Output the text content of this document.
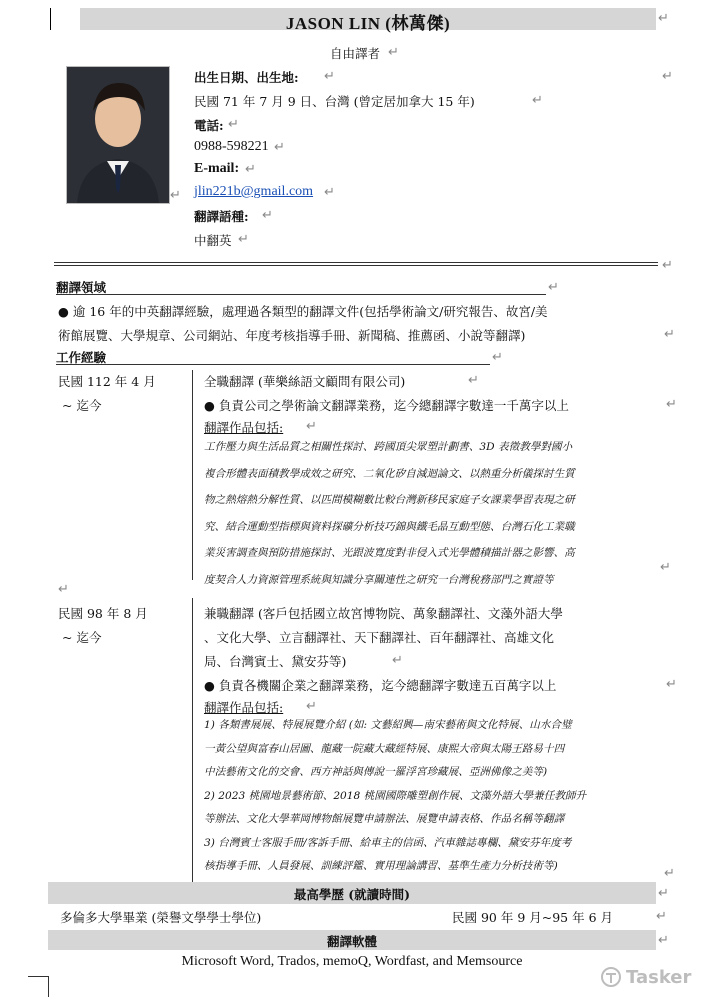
JASON LIN (林萬傑)	↵
自由譯者 ↵
↵
出生日期、出生地: ↵	↵
民國 71 年 7 月 9 日、台灣 (曾定居加拿大 15 年)	↵
電話: ↵
0988-598221 ↵
E-mail: ↵
jlin221b@gmail.com ↵
翻譯語種: ↵
中翻英 ↵
↵
翻譯領域	↵
● 逾 16 年的中英翻譯經驗，處理過各類型的翻譯文件(包括學術論文/研究報告、故宮/美
術館展覽、大學規章、公司網站、年度考核指導手冊、新聞稿、推薦函、小說等翻譯)	↵
工作經驗	↵
民國 112 年 4 月
~ 迄今
全職翻譯 (華樂絲語文顧問有限公司)	↵
● 負責公司之學術論文翻譯業務，迄今總翻譯字數達一千萬字以上	↵
翻譯作品包括: ↵
工作壓力與生活品質之相關性探討、跨國頂尖眾塑計劃書、3D 表徵教學對國小
複合形體表面積教學成效之研究、二氧化矽自減迴論文、以熱重分析儀探討生質
物之熱熔熱分解性質、以匹間模糊數比較台灣新移民家庭子女課業學習表現之研
究、結合運動型指標與資料探礦分析技巧錦與鐵毛晶互動型態、台灣石化工業職
業災害調查與預防措施探討、光跟波寬度對非侵入式光學體積描計器之影響、高
度契合人力資源管理系統與知識分享關連性之研究一台灣稅務部門之實證等
↵
↵
民國 98 年 8 月
~ 迄今
兼職翻譯 (客戶包括國立故宮博物院、萬象翻譯社、文藻外語大學
、文化大學、立言翻譯社、天下翻譯社、百年翻譯社、高雄文化
局、台灣賓士、黛安芬等)	↵
● 負責各機關企業之翻譯業務，迄今總翻譯字數達五百萬字以上	↵
翻譯作品包括: ↵
1) 各類書展展、特展展覽介紹 (如: 文藝紹興—南宋藝術與文化特展、山水合璧
一黃公望與富春山居圖、龍藏一院藏大藏經特展、康熙大帝與太陽王路易十四
中法藝術文化的交會、西方神話與傳說一羅浮宮珍藏展、亞洲佛像之美等)
2) 2023 桃園地景藝術節、2018 桃園國際雕塑創作展、文藻外語大學兼任教師升
等辦法、文化大學華岡博物館展覽申請辦法、展覽申請表格、作品名稱等翻譯
3) 台灣賓士客服手冊/客訴手冊、給車主的信函、汽車雜誌專欄、黛安芬年度考
核指導手冊、人員發展、訓練評鑑、實用理論講習、基準生產力分析技術等)	↵
最高學歷 (就讀時間)	↵
多倫多大學畢業 (榮譽文學學士學位)	民國 90 年 9 月~95 年 6 月	↵
翻譯軟體	↵
Microsoft Word, Trados, memoQ, Wordfast, and Memsource
Tasker
